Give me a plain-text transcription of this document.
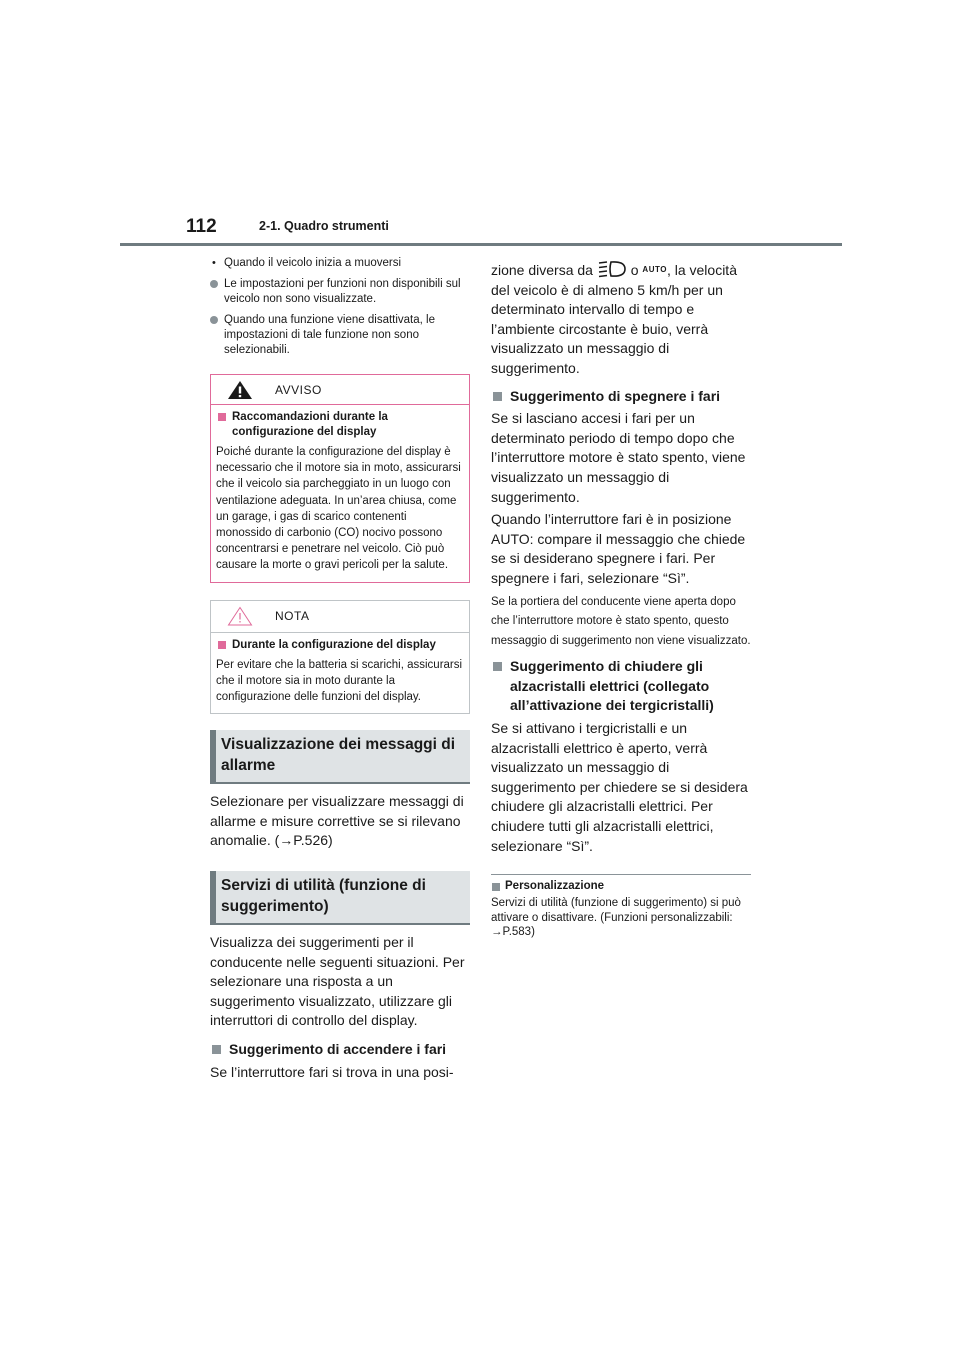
112	2-1. Quadro strumenti
• Quando il veicolo inizia a muoversi
Le impostazioni per funzioni non disponibili sul veicolo non sono visualizzate.
Quando una funzione viene disattivata, le impostazioni di tale funzione non sono selezionabili.
AVVISO
Raccomandazioni durante la configurazione del display
Poiché durante la configurazione del display è necessario che il motore sia in moto, assicurarsi che il veicolo sia parcheggiato in un luogo con ventilazione adeguata. In un’area chiusa, come un garage, i gas di scarico contenenti monossido di carbonio (CO) nocivo possono concentrarsi e penetrare nel veicolo. Ciò può causare la morte o gravi pericoli per la salute.
NOTA
Durante la configurazione del display
Per evitare che la batteria si scarichi, assicurarsi che il motore sia in moto durante la configurazione delle funzioni del display.
Visualizzazione dei messaggi di allarme
Selezionare per visualizzare messaggi di allarme e misure correttive se si rilevano anomalie. (→P.526)
Servizi di utilità (funzione di suggerimento)
Visualizza dei suggerimenti per il conducente nelle seguenti situazioni. Per selezionare una risposta a un suggerimento visualizzato, utilizzare gli interruttori di controllo del display.
Suggerimento di accendere i fari
Se l’interruttore fari si trova in una posi-
zione diversa da	o $^{AUTO}$, la velocità del veicolo è di almeno 5 km/h per un determinato intervallo di tempo e l’ambiente circostante è buio, verrà visualizzato un messaggio di suggerimento.
Suggerimento di spegnere i fari
Se si lasciano accesi i fari per un determinato periodo di tempo dopo che l’interruttore motore è stato spento, viene visualizzato un messaggio di suggerimento.
Quando l’interruttore fari è in posizione AUTO: compare il messaggio che chiede se si desiderano spegnere i fari. Per spegnere i fari, selezionare “Sì”.
Se la portiera del conducente viene aperta dopo che l’interruttore motore è stato spento, questo messaggio di suggerimento non viene visualizzato.
Suggerimento di chiudere gli alzacristalli elettrici (collegato all’attivazione dei tergicristalli)
Se si attivano i tergicristalli e un alzacristalli elettrico è aperto, verrà visualizzato un messaggio di suggerimento per chiedere se si desidera chiudere gli alzacristalli elettrici. Per chiudere tutti gli alzacristalli elettrici, selezionare “Sì”.
Personalizzazione
Servizi di utilità (funzione di suggerimento) si può attivare o disattivare. (Funzioni personalizzabili: →P.583)
